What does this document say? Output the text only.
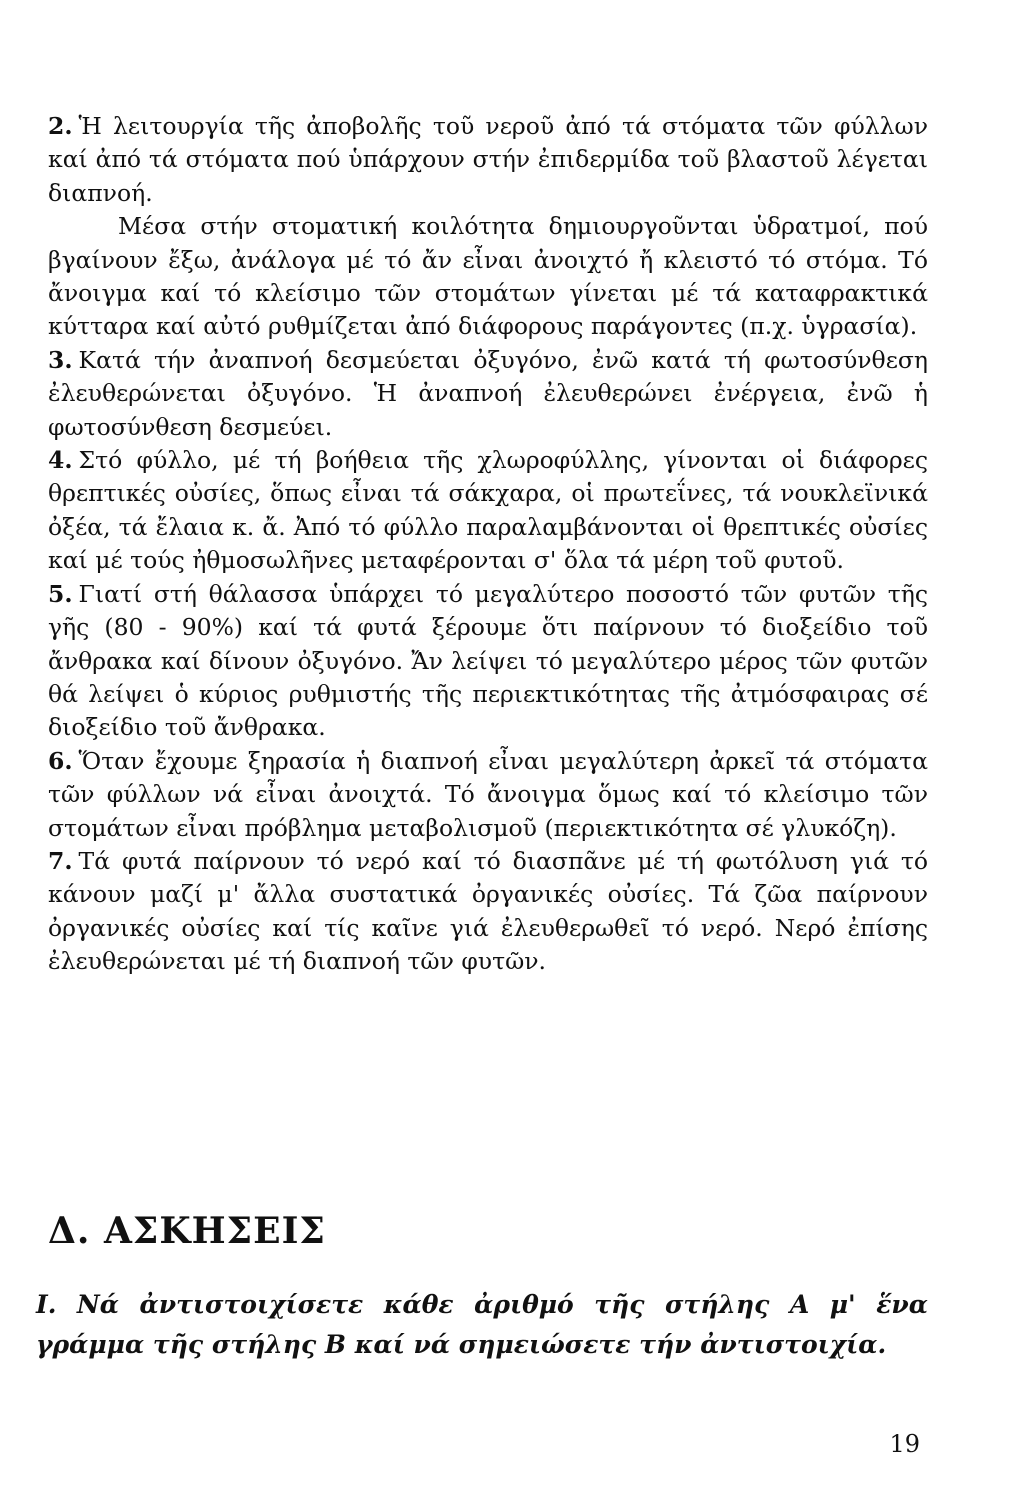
2. Ἡ λειτουργία τῆς ἀποβολῆς τοῦ νεροῦ ἀπό τά στόματα τῶν φύλλων καί ἀπό τά στόματα πού ὑπάρχουν στήν ἐπιδερμίδα τοῦ βλαστοῦ λέγεται διαπνοή.

Μέσα στήν στοματική κοιλότητα δημιουργοῦνται ὑδρατμοί, πού βγαίνουν ἔξω, ἀνάλογα μέ τό ἄν εἶναι ἀνοιχτό ἤ κλειστό τό στόμα. Τό ἄνοιγμα καί τό κλείσιμο τῶν στομάτων γίνεται μέ τά καταφρακτικά κύτταρα καί αὐτό ρυθμίζεται ἀπό διάφορους παράγοντες (π.χ. ὑγρασία).

3. Κατά τήν ἀναπνοή δεσμεύεται ὀξυγόνο, ἐνῶ κατά τή φωτοσύνθεση ἐλευθερώνεται ὀξυγόνο. Ἡ ἀναπνοή ἐλευθερώνει ἐνέργεια, ἐνῶ ἡ φωτοσύνθεση δεσμεύει.

4. Στό φύλλο, μέ τή βοήθεια τῆς χλωροφύλλης, γίνονται οἱ διάφορες θρεπτικές οὐσίες, ὅπως εἶναι τά σάκχαρα, οἱ πρωτεΐνες, τά νουκλεϊνικά ὀξέα, τά ἔλαια κ. ἄ. Ἀπό τό φύλλο παραλαμβάνονται οἱ θρεπτικές οὐσίες καί μέ τούς ἠθμοσωλῆνες μεταφέρονται σ' ὅλα τά μέρη τοῦ φυτοῦ.

5. Γιατί στή θάλασσα ὑπάρχει τό μεγαλύτερο ποσοστό τῶν φυτῶν τῆς γῆς (80 - 90%) καί τά φυτά ξέρουμε ὅτι παίρνουν τό διοξείδιο τοῦ ἄνθρακα καί δίνουν ὀξυγόνο. Ἄν λείψει τό μεγαλύτερο μέρος τῶν φυτῶν θά λείψει ὁ κύριος ρυθμιστής τῆς περιεκτικότητας τῆς ἀτμόσφαιρας σέ διοξείδιο τοῦ ἄνθρακα.

6. Ὅταν ἔχουμε ξηρασία ἡ διαπνοή εἶναι μεγαλύτερη ἀρκεῖ τά στόματα τῶν φύλλων νά εἶναι ἀνοιχτά. Τό ἄνοιγμα ὅμως καί τό κλείσιμο τῶν στομάτων εἶναι πρόβλημα μεταβολισμοῦ (περιεκτικότητα σέ γλυκόζη).

7. Τά φυτά παίρνουν τό νερό καί τό διασπᾶνε μέ τή φωτόλυση γιά τό κάνουν μαζί μ' ἄλλα συστατικά ὀργανικές οὐσίες. Τά ζῶα παίρνουν ὀργανικές οὐσίες καί τίς καῖνε γιά ἐλευθερωθεῖ τό νερό. Νερό ἐπίσης ἐλευθερώνεται μέ τή διαπνοή τῶν φυτῶν.

Δ. ΑΣΚΗΣΕΙΣ
Ι. Νά ἀντιστοιχίσετε κάθε ἀριθμό τῆς στήλης Α μ' ἕνα γράμμα τῆς στήλης Β καί νά σημειώσετε τήν ἀντιστοιχία.
19
